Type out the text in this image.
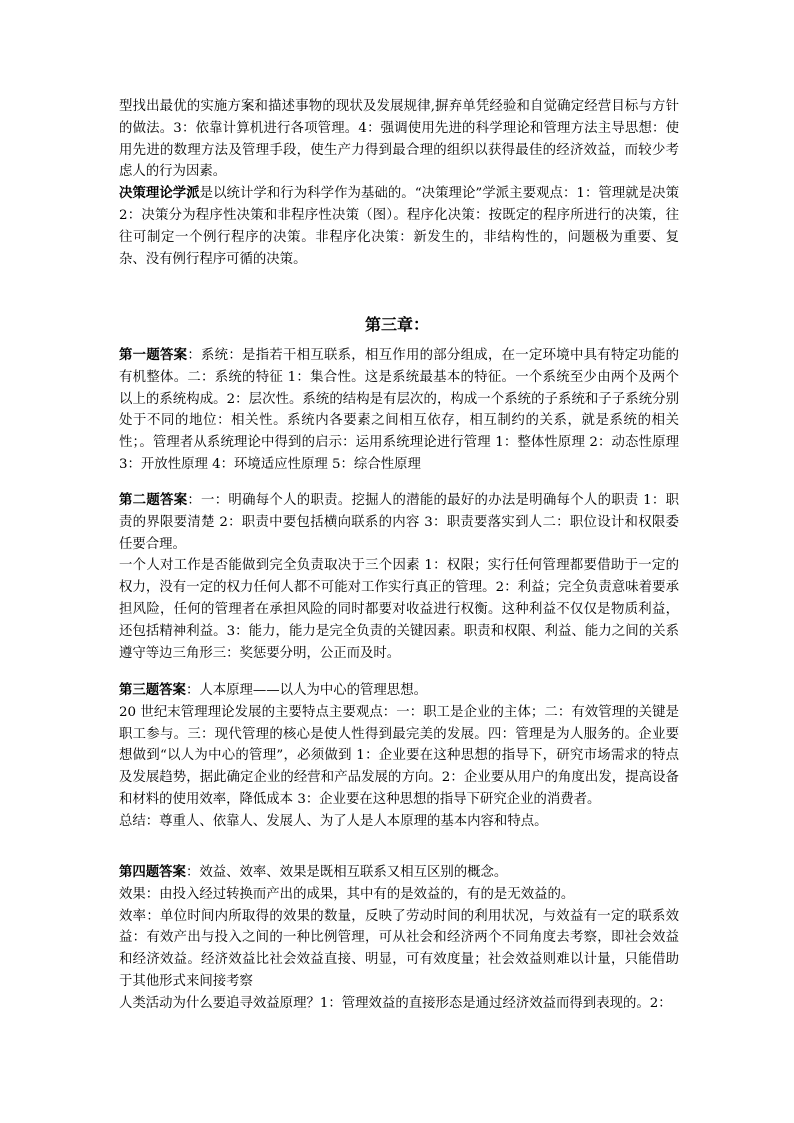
型找出最优的实施方案和描述事物的现状及发展规律,摒弃单凭经验和自觉确定经营目标与方针的做法。3：依靠计算机进行各项管理。4：强调使用先进的科学理论和管理方法主导思想：使用先进的数理方法及管理手段，使生产力得到最合理的组织以获得最佳的经济效益，而较少考虑人的行为因素。

决策理论学派是以统计学和行为科学作为基础的。“决策理论”学派主要观点：1：管理就是决策 2：决策分为程序性决策和非程序性决策（图）。程序化决策：按既定的程序所进行的决策，往往可制定一个例行程序的决策。非程序化决策：新发生的，非结构性的，问题极为重要、复杂、没有例行程序可循的决策。

第三章：

第一题答案：系统：是指若干相互联系，相互作用的部分组成，在一定环境中具有特定功能的有机整体。二：系统的特征 1：集合性。这是系统最基本的特征。一个系统至少由两个及两个以上的系统构成。2：层次性。系统的结构是有层次的，构成一个系统的子系统和子子系统分别处于不同的地位：相关性。系统内各要素之间相互依存，相互制约的关系，就是系统的相关性；。管理者从系统理论中得到的启示：运用系统理论进行管理 1：整体性原理 2：动态性原理 3：开放性原理 4：环境适应性原理 5：综合性原理

第二题答案：一：明确每个人的职责。挖掘人的潜能的最好的办法是明确每个人的职责 1：职责的界限要清楚 2：职责中要包括横向联系的内容 3：职责要落实到人二：职位设计和权限委任要合理。

一个人对工作是否能做到完全负责取决于三个因素 1：权限；实行任何管理都要借助于一定的权力，没有一定的权力任何人都不可能对工作实行真正的管理。2：利益；完全负责意味着要承担风险，任何的管理者在承担风险的同时都要对收益进行权衡。这种利益不仅仅是物质利益，还包括精神利益。3：能力，能力是完全负责的关键因素。职责和权限、利益、能力之间的关系遵守等边三角形三：奖惩要分明，公正而及时。

第三题答案：人本原理——以人为中心的管理思想。

20 世纪末管理理论发展的主要特点主要观点：一：职工是企业的主体；二：有效管理的关键是职工参与。三：现代管理的核心是使人性得到最完美的发展。四：管理是为人服务的。企业要想做到“以人为中心的管理”，必须做到 1：企业要在这种思想的指导下，研究市场需求的特点及发展趋势，据此确定企业的经营和产品发展的方向。2：企业要从用户的角度出发，提高设备和材料的使用效率，降低成本 3：企业要在这种思想的指导下研究企业的消费者。

总结：尊重人、依靠人、发展人、为了人是人本原理的基本内容和特点。

第四题答案：效益、效率、效果是既相互联系又相互区别的概念。

效果：由投入经过转换而产出的成果，其中有的是效益的，有的是无效益的。

效率：单位时间内所取得的效果的数量，反映了劳动时间的利用状况，与效益有一定的联系效益：有效产出与投入之间的一种比例管理，可从社会和经济两个不同角度去考察，即社会效益和经济效益。经济效益比社会效益直接、明显，可有效度量；社会效益则难以计量，只能借助于其他形式来间接考察

人类活动为什么要追寻效益原理？1：管理效益的直接形态是通过经济效益而得到表现的。2：
